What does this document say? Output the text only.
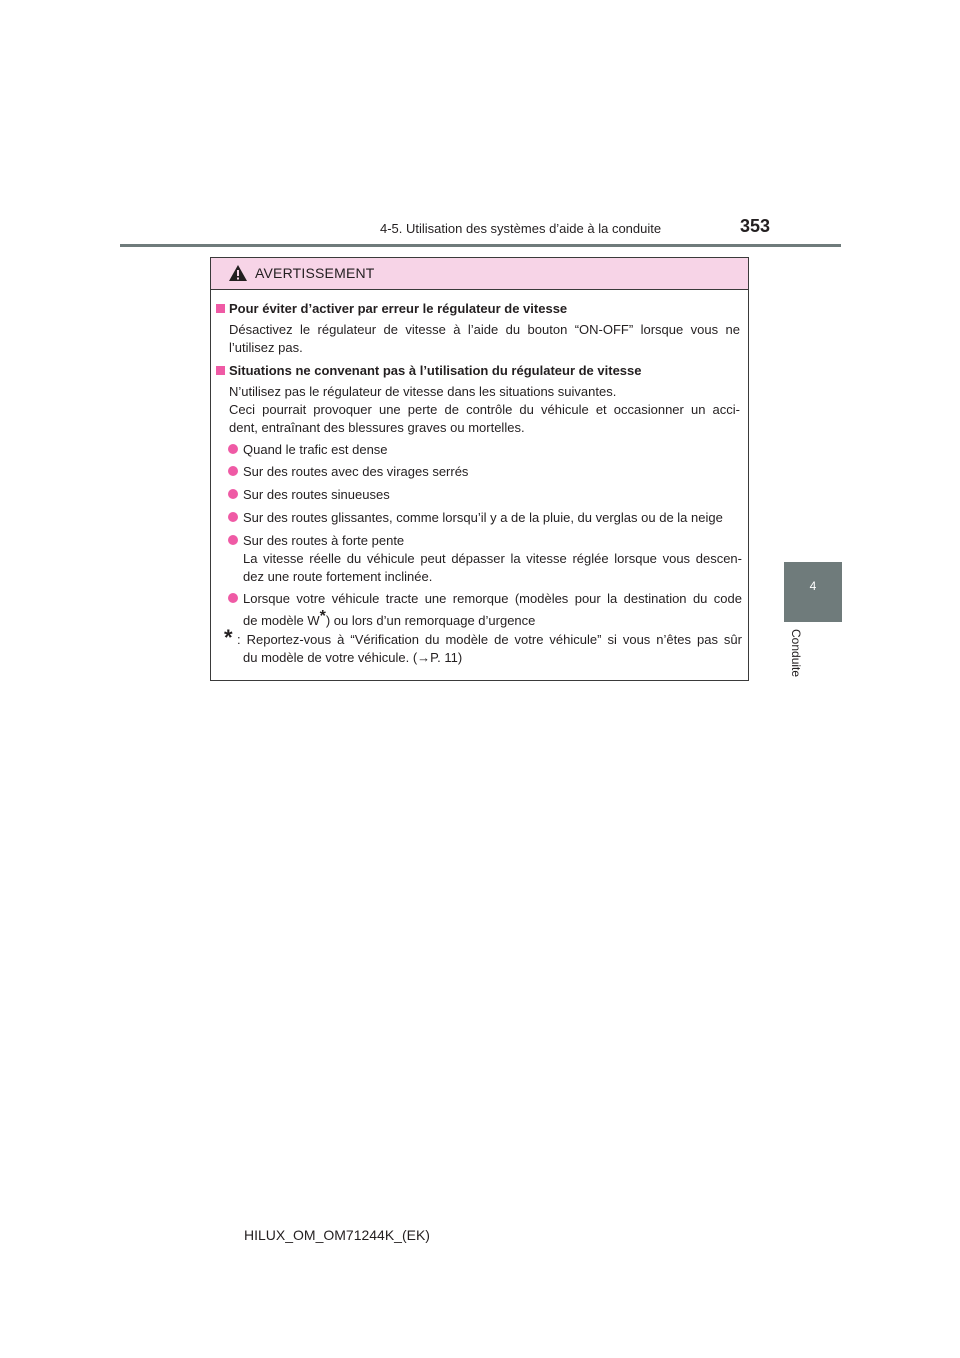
4-5. Utilisation des systèmes d’aide à la conduite	353
4
Conduite
AVERTISSEMENT
Pour éviter d’activer par erreur le régulateur de vitesse
Désactivez le régulateur de vitesse à l’aide du bouton “ON-OFF” lorsque vous ne
l’utilisez pas.
Situations ne convenant pas à l’utilisation du régulateur de vitesse
N’utilisez pas le régulateur de vitesse dans les situations suivantes.
Ceci pourrait provoquer une perte de contrôle du véhicule et occasionner un acci-
dent, entraînant des blessures graves ou mortelles.
Quand le trafic est dense
Sur des routes avec des virages serrés
Sur des routes sinueuses
Sur des routes glissantes, comme lorsqu’il y a de la pluie, du verglas ou de la neige
Sur des routes à forte pente
La vitesse réelle du véhicule peut dépasser la vitesse réglée lorsque vous descen-
dez une route fortement inclinée.
Lorsque votre véhicule tracte une remorque (modèles pour la destination du code
de modèle W*) ou lors d’un remorquage d’urgence
* : Reportez-vous à “Vérification du modèle de votre véhicule” si vous n’êtes pas sûr
du modèle de votre véhicule. (→P. 11)
HILUX_OM_OM71244K_(EK)
